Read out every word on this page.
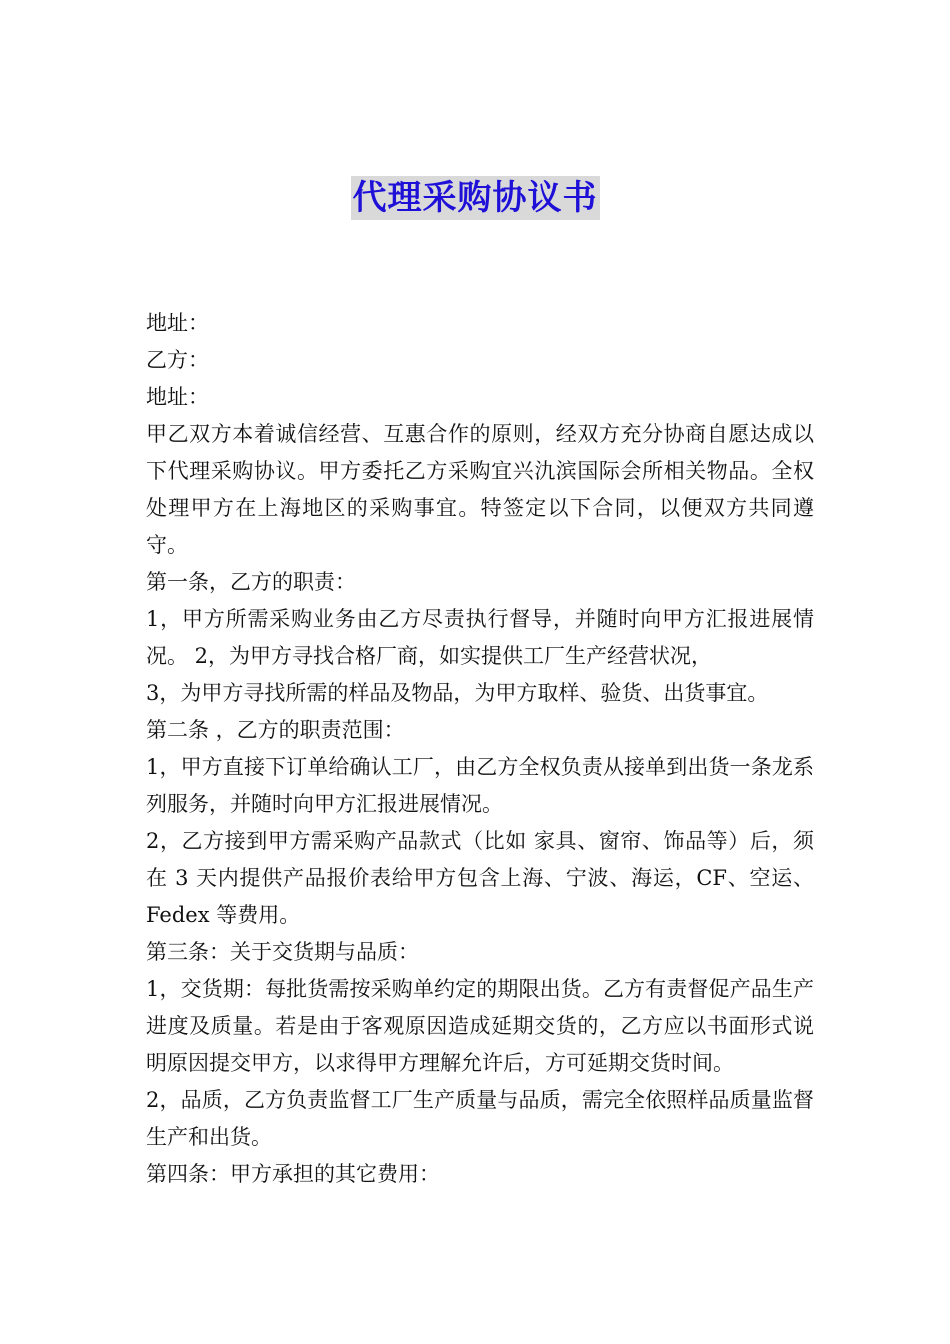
代理采购协议书

地址：

乙方：

地址：

甲乙双方本着诚信经营、互惠合作的原则，经双方充分协商自愿达成以下代理采购协议。甲方委托乙方采购宜兴氿滨国际会所相关物品。全权处理甲方在上海地区的采购事宜。特签定以下合同，以便双方共同遵守。

第一条，乙方的职责：

1，甲方所需采购业务由乙方尽责执行督导，并随时向甲方汇报进展情况。 2，为甲方寻找合格厂商，如实提供工厂生产经营状况，

3，为甲方寻找所需的样品及物品，为甲方取样、验货、出货事宜。

第二条 ，乙方的职责范围：

1，甲方直接下订单给确认工厂，由乙方全权负责从接单到出货一条龙系列服务，并随时向甲方汇报进展情况。

2，乙方接到甲方需采购产品款式（比如 家具、窗帘、饰品等）后，须在 3 天内提供产品报价表给甲方包含上海、宁波、海运，CF、空运、Fedex 等费用。

第三条：关于交货期与品质：

1，交货期：每批货需按采购单约定的期限出货。乙方有责督促产品生产进度及质量。若是由于客观原因造成延期交货的，乙方应以书面形式说明原因提交甲方，以求得甲方理解允许后，方可延期交货时间。

2，品质，乙方负责监督工厂生产质量与品质，需完全依照样品质量监督生产和出货。

第四条：甲方承担的其它费用：
